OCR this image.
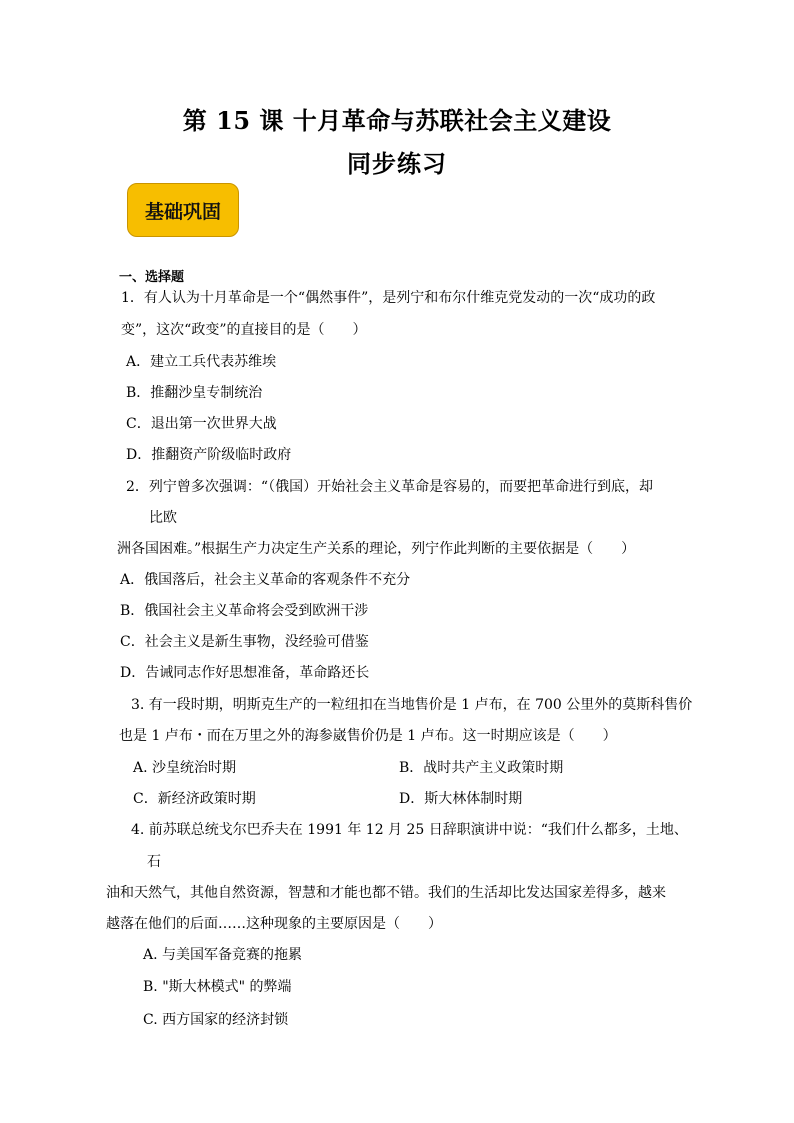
第 15 课 十月革命与苏联社会主义建设
同步练习
基础巩固
一、选择题
1．有人认为十月革命是一个“偶然事件”，是列宁和布尔什维克党发动的一次“成功的政
变”，这次“政变”的直接目的是（　　）
A．建立工兵代表苏维埃
B．推翻沙皇专制统治
C．退出第一次世界大战
D．推翻资产阶级临时政府
2．列宁曾多次强调：“（俄国）开始社会主义革命是容易的，而要把革命进行到底，却
比欧
洲各国困难。”根据生产力决定生产关系的理论，列宁作此判断的主要依据是（　　）
A．俄国落后，社会主义革命的客观条件不充分
B．俄国社会主义革命将会受到欧洲干涉
C．社会主义是新生事物，没经验可借鉴
D．告诫同志作好思想准备，革命路还长
3. 有一段时期，明斯克生产的一粒纽扣在当地售价是 1 卢布，在 700 公里外的莫斯科售价
也是 1 卢布・而在万里之外的海参崴售价仍是 1 卢布。这一时期应该是（　　）
A. 沙皇统治时期	B．战时共产主义政策时期
C．新经济政策时期	D．斯大林体制时期
4. 前苏联总统戈尔巴乔夫在 1991 年 12 月 25 日辞职演讲中说：“我们什么都多，土地、
石
油和天然气，其他自然资源，智慧和才能也都不错。我们的生活却比发达国家差得多，越来
越落在他们的后面……这种现象的主要原因是（　　）
A. 与美国军备竞赛的拖累
B. "斯大林模式" 的弊端
C. 西方国家的经济封锁
